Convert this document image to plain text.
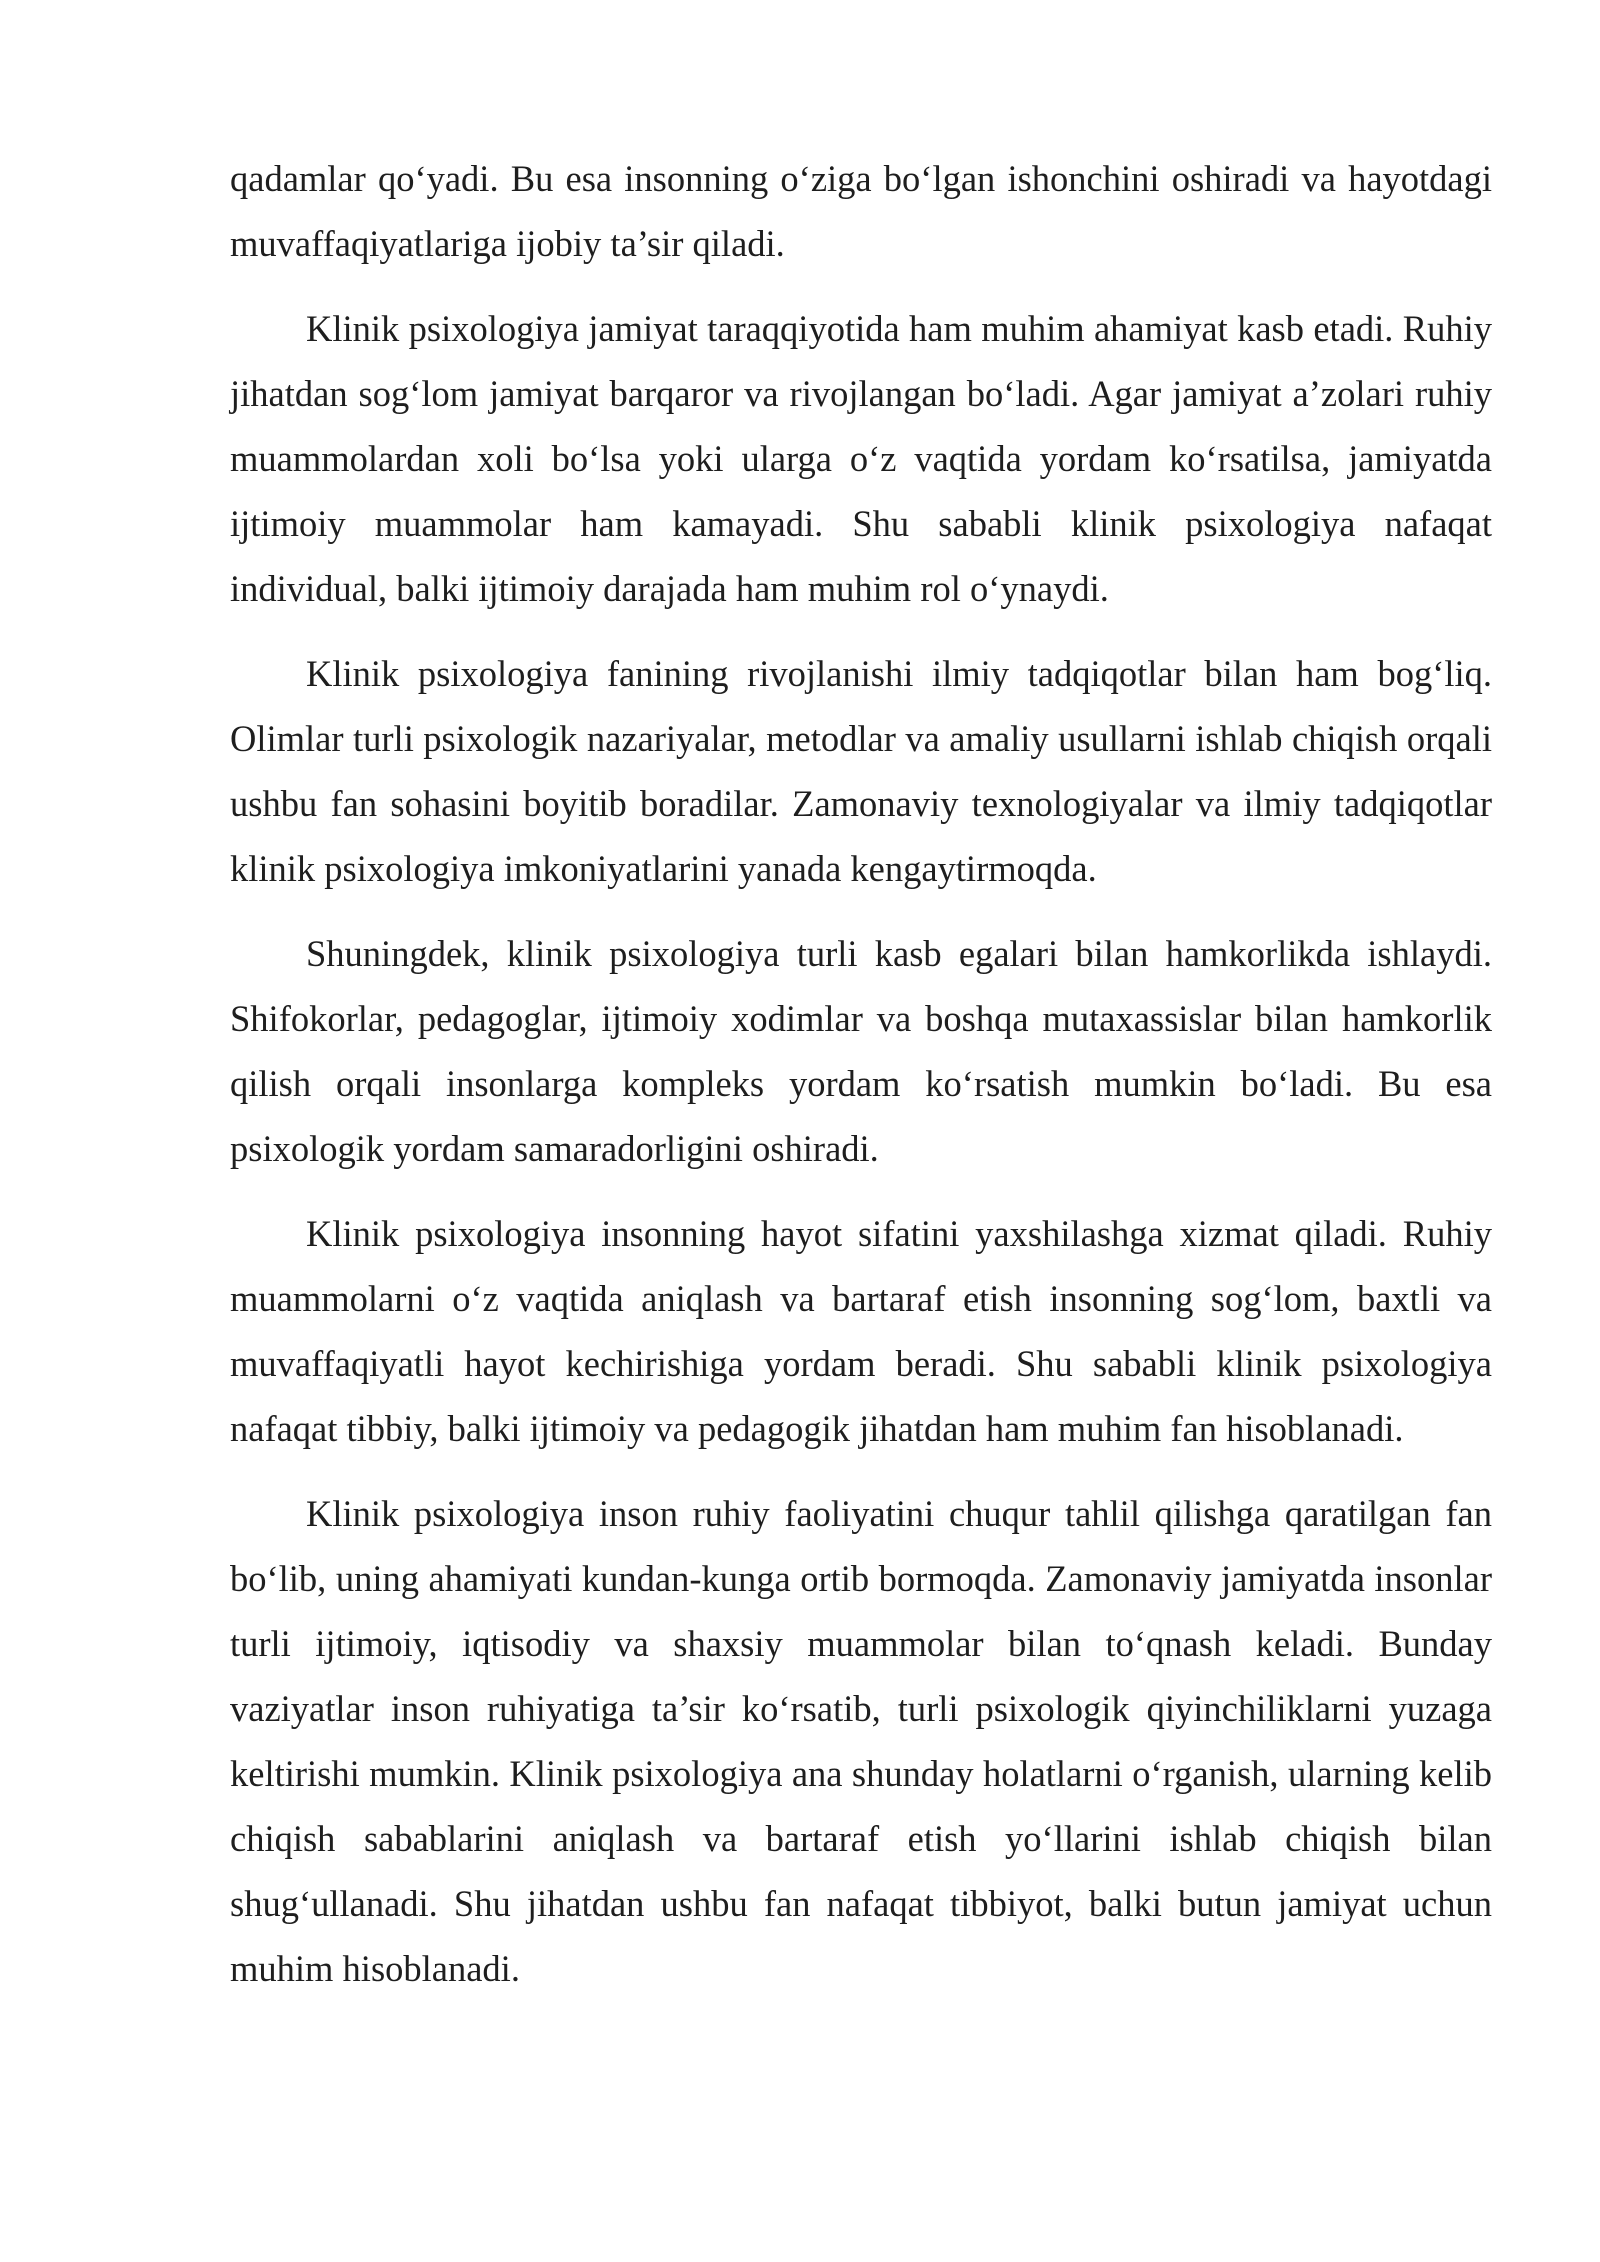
qadamlar qo‘yadi. Bu esa insonning o‘ziga bo‘lgan ishonchini oshiradi va hayotdagi muvaffaqiyatlariga ijobiy ta’sir qiladi.

Klinik psixologiya jamiyat taraqqiyotida ham muhim ahamiyat kasb etadi. Ruhiy jihatdan sog‘lom jamiyat barqaror va rivojlangan bo‘ladi. Agar jamiyat a’zolari ruhiy muammolardan xoli bo‘lsa yoki ularga o‘z vaqtida yordam ko‘rsatilsa, jamiyatda ijtimoiy muammolar ham kamayadi. Shu sababli klinik psixologiya nafaqat individual, balki ijtimoiy darajada ham muhim rol o‘ynaydi.

Klinik psixologiya fanining rivojlanishi ilmiy tadqiqotlar bilan ham bog‘liq. Olimlar turli psixologik nazariyalar, metodlar va amaliy usullarni ishlab chiqish orqali ushbu fan sohasini boyitib boradilar. Zamonaviy texnologiyalar va ilmiy tadqiqotlar klinik psixologiya imkoniyatlarini yanada kengaytirmoqda.

Shuningdek, klinik psixologiya turli kasb egalari bilan hamkorlikda ishlaydi. Shifokorlar, pedagoglar, ijtimoiy xodimlar va boshqa mutaxassislar bilan hamkorlik qilish orqali insonlarga kompleks yordam ko‘rsatish mumkin bo‘ladi. Bu esa psixologik yordam samaradorligini oshiradi.

Klinik psixologiya insonning hayot sifatini yaxshilashga xizmat qiladi. Ruhiy muammolarni o‘z vaqtida aniqlash va bartaraf etish insonning sog‘lom, baxtli va muvaffaqiyatli hayot kechirishiga yordam beradi. Shu sababli klinik psixologiya nafaqat tibbiy, balki ijtimoiy va pedagogik jihatdan ham muhim fan hisoblanadi.

Klinik psixologiya inson ruhiy faoliyatini chuqur tahlil qilishga qaratilgan fan bo‘lib, uning ahamiyati kundan-kunga ortib bormoqda. Zamonaviy jamiyatda insonlar turli ijtimoiy, iqtisodiy va shaxsiy muammolar bilan to‘qnash keladi. Bunday vaziyatlar inson ruhiyatiga ta’sir ko‘rsatib, turli psixologik qiyinchiliklarni yuzaga keltirishi mumkin. Klinik psixologiya ana shunday holatlarni o‘rganish, ularning kelib chiqish sabablarini aniqlash va bartaraf etish yo‘llarini ishlab chiqish bilan shug‘ullanadi. Shu jihatdan ushbu fan nafaqat tibbiyot, balki butun jamiyat uchun muhim hisoblanadi.
